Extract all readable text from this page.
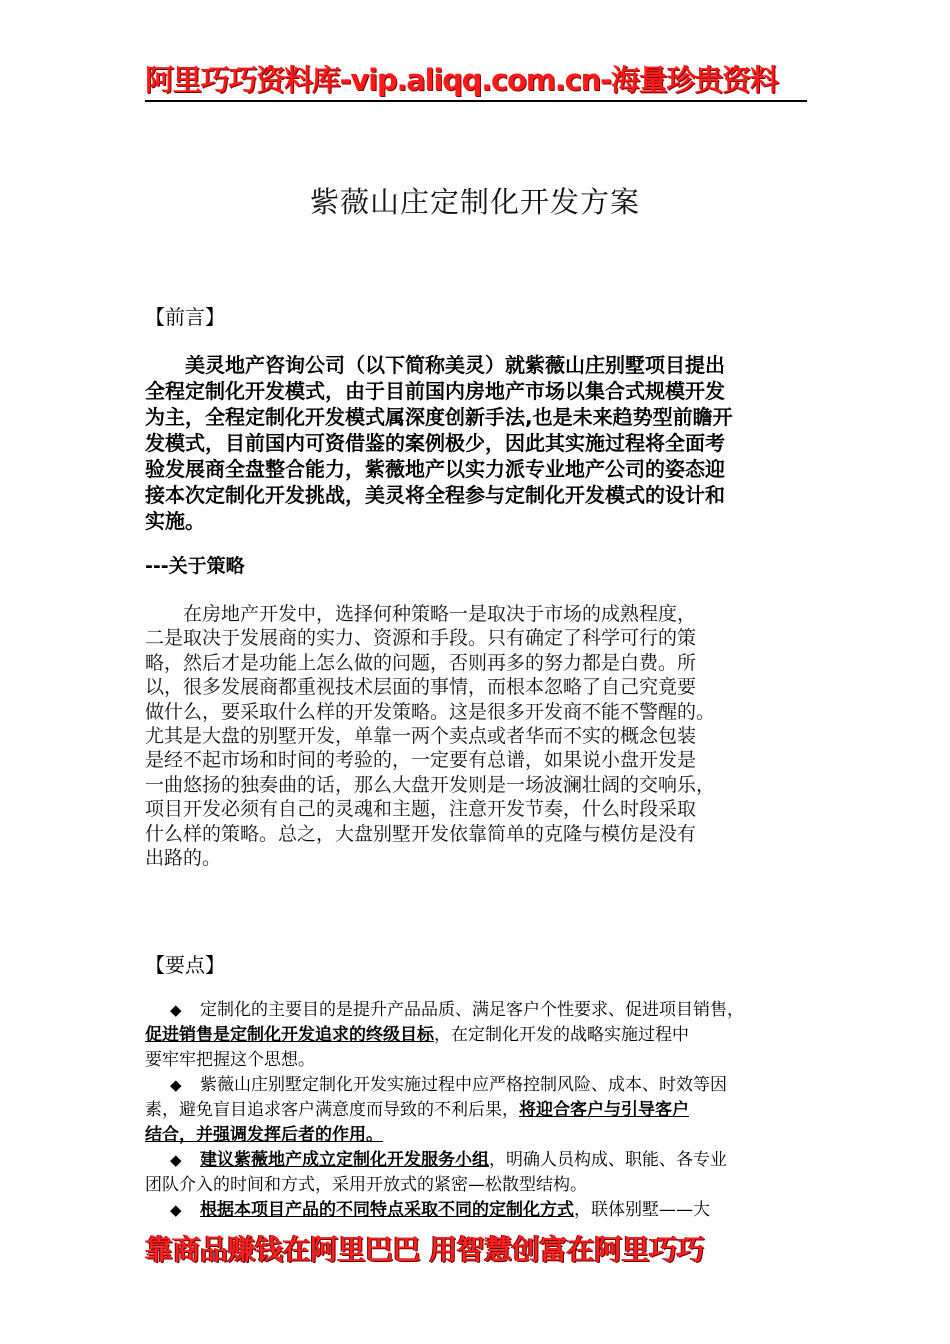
阿里巧巧资料库-vip.aliqq.com.cn-海量珍贵资料
紫薇山庄定制化开发方案
【前言】

　　美灵地产咨询公司（以下简称美灵）就紫薇山庄别墅项目提出

全程定制化开发模式，由于目前国内房地产市场以集合式规模开发

为主，全程定制化开发模式属深度创新手法,也是未来趋势型前瞻开

发模式，目前国内可资借鉴的案例极少，因此其实施过程将全面考

验发展商全盘整合能力，紫薇地产以实力派专业地产公司的姿态迎

接本次定制化开发挑战，美灵将全程参与定制化开发模式的设计和

实施。

---关于策略

　　在房地产开发中，选择何种策略一是取决于市场的成熟程度，

二是取决于发展商的实力、资源和手段。只有确定了科学可行的策

略，然后才是功能上怎么做的问题，否则再多的努力都是白费。所

以，很多发展商都重视技术层面的事情，而根本忽略了自己究竟要

做什么，要采取什么样的开发策略。这是很多开发商不能不警醒的。

尤其是大盘的别墅开发，单靠一两个卖点或者华而不实的概念包装

是经不起市场和时间的考验的，一定要有总谱，如果说小盘开发是

一曲悠扬的独奏曲的话，那么大盘开发则是一场波澜壮阔的交响乐，

项目开发必须有自己的灵魂和主题，注意开发节奏，什么时段采取

什么样的策略。总之，大盘别墅开发依靠简单的克隆与模仿是没有

出路的。

【要点】

◆ 定制化的主要目的是提升产品品质、满足客户个性要求、促进项目销售，

促进销售是定制化开发追求的终级目标，在定制化开发的战略实施过程中

要牢牢把握这个思想。

◆ 紫薇山庄别墅定制化开发实施过程中应严格控制风险、成本、时效等因

素，避免盲目追求客户满意度而导致的不利后果，将迎合客户与引导客户

结合，并强调发挥后者的作用。

◆ 建议紫薇地产成立定制化开发服务小组，明确人员构成、职能、各专业

团队介入的时间和方式，采用开放式的紧密—松散型结构。

◆ 根据本项目产品的不同特点采取不同的定制化方式，联体别墅——大

靠商品赚钱在阿里巴巴 用智慧创富在阿里巧巧
